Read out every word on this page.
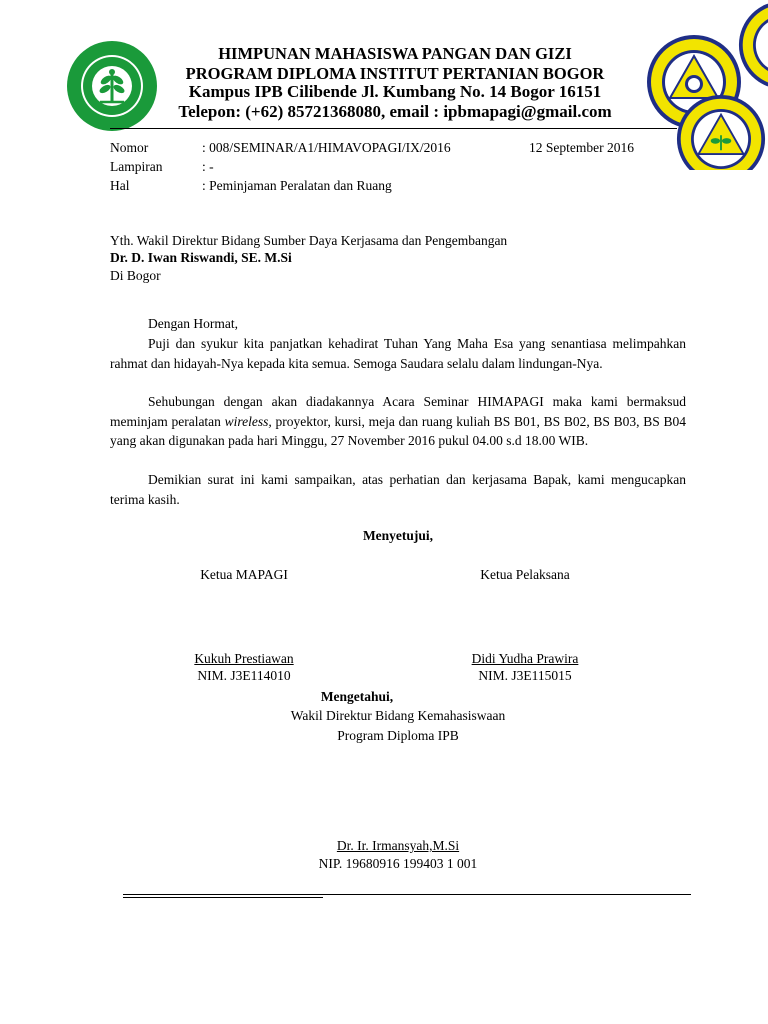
HIMPUNAN MAHASISWA PANGAN DAN GIZI
PROGRAM DIPLOMA INSTITUT PERTANIAN BOGOR
Kampus IPB Cilibende Jl. Kumbang No. 14 Bogor 16151
Telepon: (+62) 85721368080, email : ipbmapagi@gmail.com
Nomor	: 008/SEMINAR/A1/HIMAVOPAGI/IX/2016	12 September 2016
Lampiran	: -
Hal	: Peminjaman Peralatan dan Ruang
Yth. Wakil Direktur Bidang Sumber Daya Kerjasama dan Pengembangan
Dr. D. Iwan Riswandi, SE. M.Si
Di Bogor
Dengan Hormat,
Puji dan syukur kita panjatkan kehadirat Tuhan Yang Maha Esa yang senantiasa melimpahkan rahmat dan hidayah-Nya kepada kita semua. Semoga Saudara selalu dalam lindungan-Nya.
Sehubungan dengan akan diadakannya Acara Seminar HIMAPAGI maka kami bermaksud meminjam peralatan wireless, proyektor, kursi, meja dan ruang kuliah BS B01, BS B02, BS B03, BS B04 yang akan digunakan pada hari Minggu, 27 November 2016 pukul 04.00 s.d 18.00 WIB.
Demikian surat ini kami sampaikan, atas perhatian dan kerjasama Bapak, kami mengucapkan terima kasih.
Menyetujui,
Ketua MAPAGI	Ketua Pelaksana
Kukuh Prestiawan
NIM. J3E114010
Didi Yudha Prawira
NIM. J3E115015
Mengetahui,
Wakil Direktur Bidang Kemahasiswaan
Program Diploma IPB
Dr. Ir. Irmansyah,M.Si
NIP. 19680916 199403 1 001
